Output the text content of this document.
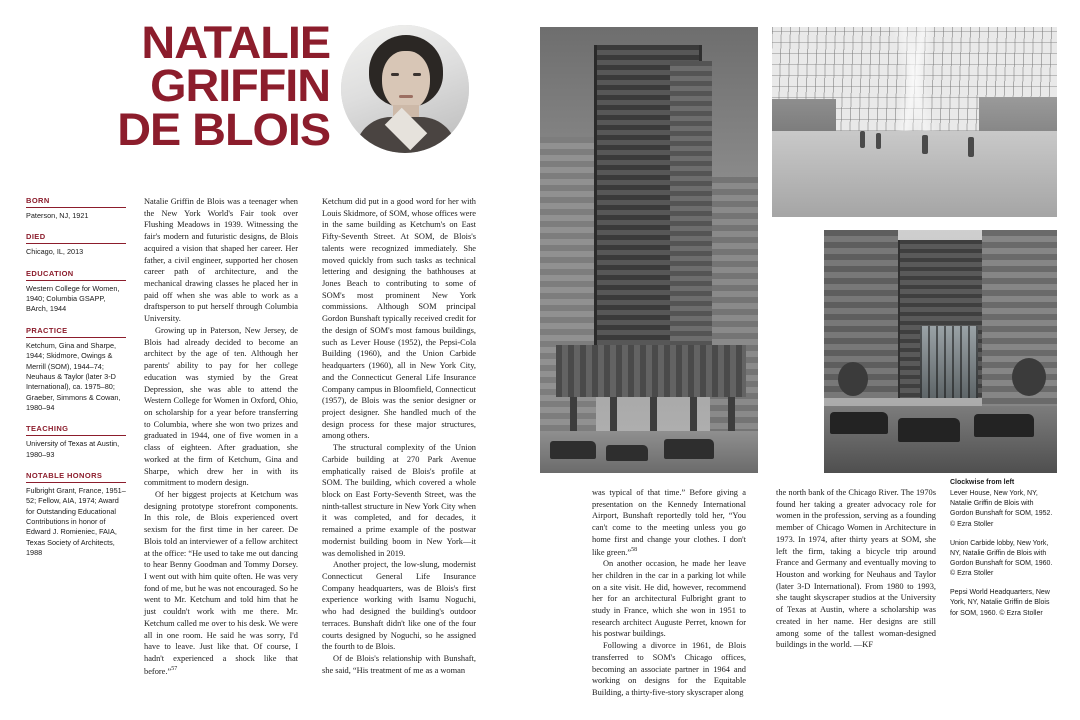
NATALIE
GRIFFIN
DE BLOIS
BORN
Paterson, NJ, 1921
DIED
Chicago, IL, 2013
EDUCATION
Western College for Women, 1940; Columbia GSAPP, BArch, 1944
PRACTICE
Ketchum, Gina and Sharpe, 1944; Skidmore, Owings & Merrill (SOM), 1944–74; Neuhaus & Taylor (later 3-D International), ca. 1975–80; Graeber, Simmons & Cowan, 1980–94
TEACHING
University of Texas at Austin, 1980–93
NOTABLE HONORS
Fulbright Grant, France, 1951–52; Fellow, AIA, 1974; Award for Outstanding Educational Contributions in honor of Edward J. Romieniec, FAIA, Texas Society of Architects, 1988

Natalie Griffin de Blois was a teenager when the New York World's Fair took over Flushing Meadows in 1939. Witnessing the fair's modern and futuristic designs, de Blois acquired a vision that shaped her career. Her father, a civil engineer, supported her chosen career path of architecture, and the mechanical drawing classes he placed her in paid off when she was able to work as a draftsperson to put herself through Columbia University.

Growing up in Paterson, New Jersey, de Blois had already decided to become an architect by the age of ten. Although her parents' ability to pay for her college education was stymied by the Great Depression, she was able to attend the Western College for Women in Oxford, Ohio, on scholarship for a year before transferring to Columbia, where she won two prizes and graduated in 1944, one of five women in a class of eighteen. After graduation, she worked at the firm of Ketchum, Gina and Sharpe, which drew her in with its commitment to modern design.

Of her biggest projects at Ketchum was designing prototype storefront components. In this role, de Blois experienced overt sexism for the first time in her career. De Blois told an interviewer of a fellow architect at the office: “He used to take me out dancing to hear Benny Goodman and Tommy Dorsey. I went out with him quite often. He was very fond of me, but he was not encouraged. So he went to Mr. Ketchum and told him that he just couldn't work with me there. Mr. Ketchum called me over to his desk. We were all in one room. He said he was sorry, I'd have to leave. Just like that. Of course, I hadn't experienced a shock like that before.”$^{57}$

Ketchum did put in a good word for her with Louis Skidmore, of SOM, whose offices were in the same building as Ketchum's on East Fifty-Seventh Street. At SOM, de Blois's talents were recognized immediately. She moved quickly from such tasks as technical lettering and designing the bathhouses at Jones Beach to contributing to some of SOM's most prominent New York commissions. Although SOM principal Gordon Bunshaft typically received credit for the design of SOM's most famous buildings, such as Lever House (1952), the Pepsi-Cola Building (1960), and the Union Carbide headquarters (1960), all in New York City, and the Connecticut General Life Insurance Company campus in Bloomfield, Connecticut (1957), de Blois was the senior designer or project designer. She handled much of the design process for these major structures, among others.

The structural complexity of the Union Carbide building at 270 Park Avenue emphatically raised de Blois's profile at SOM. The building, which covered a whole block on East Forty-Seventh Street, was the ninth-tallest structure in New York City when it was completed, and for decades, it remained a prime example of the postwar modernist building boom in New York—it was demolished in 2019.

Another project, the low-slung, modernist Connecticut General Life Insurance Company headquarters, was de Blois's first experience working with Isamu Noguchi, who had designed the building's outdoor terraces. Bunshaft didn't like one of the four courts designed by Noguchi, so he assigned the fourth to de Blois.

Of de Blois's relationship with Bunshaft, she said, “His treatment of me as a woman

was typical of that time.” Before giving a presentation on the Kennedy International Airport, Bunshaft reportedly told her, “You can't come to the meeting unless you go home first and change your clothes. I don't like green.”$^{58}$

On another occasion, he made her leave her children in the car in a parking lot while on a site visit. He did, however, recommend her for an architectural Fulbright grant to study in France, which she won in 1951 to research architect Auguste Perret, known for his postwar buildings.

Following a divorce in 1961, de Blois transferred to SOM's Chicago offices, becoming an associate partner in 1964 and working on designs for the Equitable Building, a thirty-five-story skyscraper along

the north bank of the Chicago River. The 1970s found her taking a greater advocacy role for women in the profession, serving as a founding member of Chicago Women in Architecture in 1973. In 1974, after thirty years at SOM, she left the firm, taking a bicycle trip around France and Germany and eventually moving to Houston and working for Neuhaus and Taylor (later 3-D International). From 1980 to 1993, she taught skyscraper studios at the University of Texas at Austin, where a scholarship was created in her name. Her designs are still among some of the tallest woman-designed buildings in the world. —KF

Clockwise from left
Lever House, New York, NY, Natalie Griffin de Blois with Gordon Bunshaft for SOM, 1952. © Ezra Stoller
Union Carbide lobby, New York, NY, Natalie Griffin de Blois with Gordon Bunshaft for SOM, 1960. © Ezra Stoller
Pepsi World Headquarters, New York, NY, Natalie Griffin de Blois for SOM, 1960. © Ezra Stoller
